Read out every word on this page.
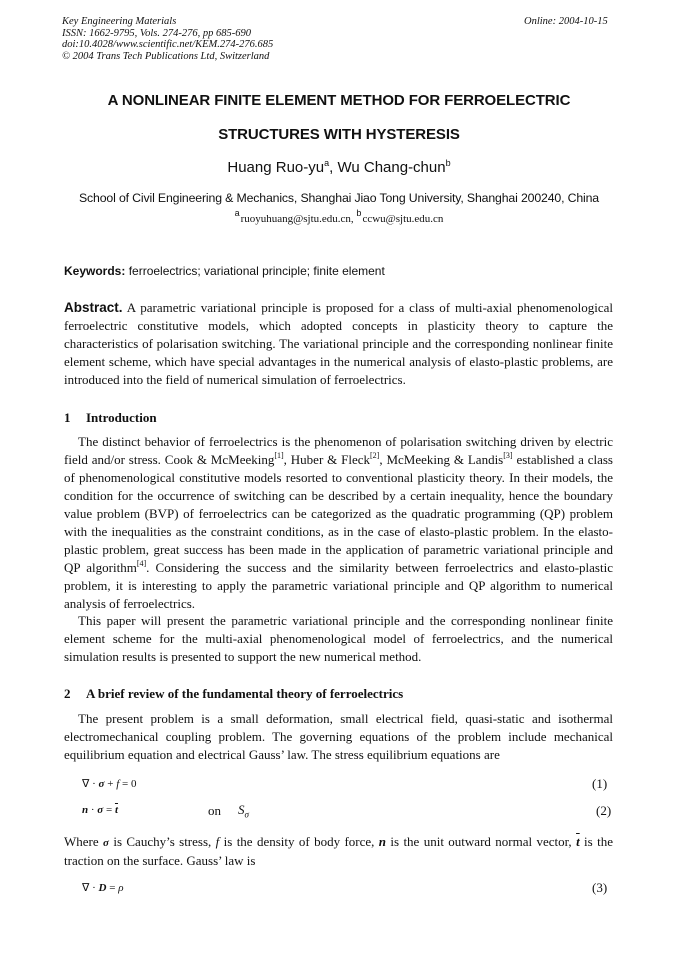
Key Engineering Materials
ISSN: 1662-9795, Vols. 274-276, pp 685-690
doi:10.4028/www.scientific.net/KEM.274-276.685
© 2004 Trans Tech Publications Ltd, Switzerland
Online: 2004-10-15
A NONLINEAR FINITE ELEMENT METHOD FOR FERROELECTRIC
STRUCTURES WITH HYSTERESIS
Huang Ruo-$yu^a$, Wu Chang-chun$^b$
School of Civil Engineering & Mechanics, Shanghai Jiao Tong University, Shanghai 200240, China
$^a$ruoyuhuang@sjtu.edu.cn, $^b$ccwu@sjtu.edu.cn
Keywords: ferroelectrics; variational principle; finite element
Abstract. A parametric variational principle is proposed for a class of multi-axial phenomenological ferroelectric constitutive models, which adopted concepts in plasticity theory to capture the characteristics of polarisation switching. The variational principle and the corresponding nonlinear finite element scheme, which have special advantages in the numerical analysis of elasto-plastic problems, are introduced into the field of numerical simulation of ferroelectrics.
1 Introduction
The distinct behavior of ferroelectrics is the phenomenon of polarisation switching driven by electric field and/or stress. Cook & McMeeking[1], Huber & Fleck[2], McMeeking & Landis[3] established a class of phenomenological constitutive models resorted to conventional plasticity theory. In their models, the condition for the occurrence of switching can be described by a certain inequality, hence the boundary value problem (BVP) of ferroelectrics can be categorized as the quadratic programming (QP) problem with the inequalities as the constraint conditions, as in the case of elasto-plastic problem. In the elasto-plastic problem, great success has been made in the application of parametric variational principle and QP algorithm[4]. Considering the success and the similarity between ferroelectrics and elasto-plastic problem, it is interesting to apply the parametric variational principle and QP algorithm to numerical analysis of ferroelectrics.
This paper will present the parametric variational principle and the corresponding nonlinear finite element scheme for the multi-axial phenomenological model of ferroelectrics, and the numerical simulation results is presented to support the new numerical method.
2 A brief review of the fundamental theory of ferroelectrics
The present problem is a small deformation, small electrical field, quasi-static and isothermal electromechanical coupling problem. The governing equations of the problem include mechanical equilibrium equation and electrical Gauss’ law. The stress equilibrium equations are
∇ · σ + f = 0	(1)
$n \cdot \sigma = \overline{t}$	on $S_\sigma$	(2)
Where σ is Cauchy’s stress, f is the density of body force, n is the unit outward normal vector, $\overline{t}$ is the traction on the surface. Gauss’ law is
∇ · D = ρ	(3)
